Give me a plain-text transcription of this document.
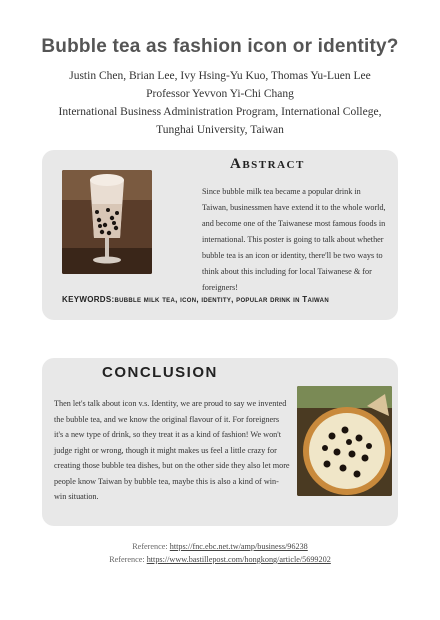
Bubble tea as fashion icon or identity?
Justin Chen, Brian Lee, Ivy Hsing-Yu Kuo, Thomas Yu-Luen Lee
Professor Yevvon Yi-Chi Chang
International Business Administration Program, International College, Tunghai University, Taiwan
Abstract
Since bubble milk tea became a popular drink in Taiwan, businessmen have extend it to the whole world, and become one of the Taiwanese most famous foods in international. This poster is going to talk about whether bubble tea is an icon or identity, there'll be two ways to think about this including for local Taiwanese & for foreigners!
KEYWORDS:bubble milk tea, icon, identity, popular drink in Taiwan
CONCLUSION
Then let's talk about icon v.s. Identity, we are proud to say we invented the bubble tea, and we know the original flavour of it. For foreigners it's a new type of drink, so they treat it as a kind of fashion! We won't judge right or wrong, though it might makes us feel a little crazy for creating those bubble tea dishes, but on the other side they also let more people know Taiwan by bubble tea, maybe this is also a kind of win-win situation.
Reference: https://fnc.ebc.net.tw/amp/business/96238
Reference: https://www.bastillepost.com/hongkong/article/5699202
